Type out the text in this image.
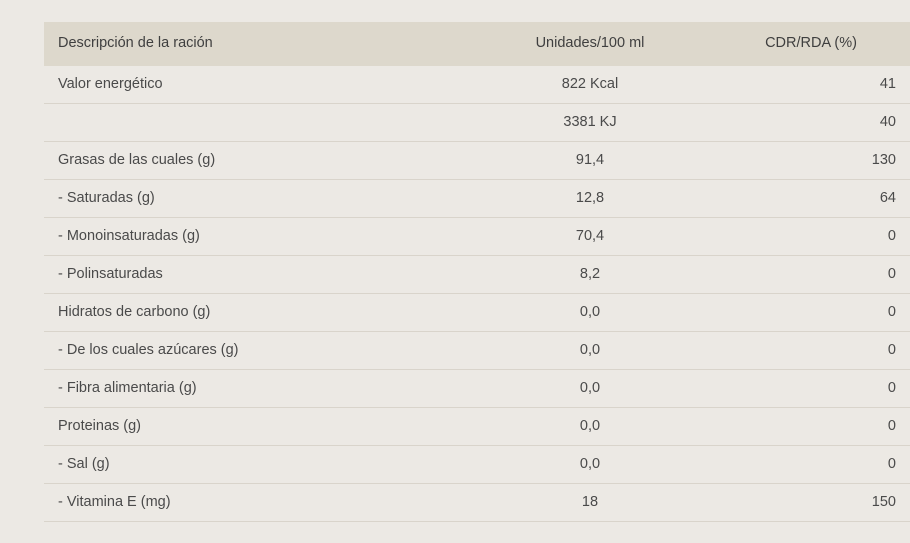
Descripción de la ración	Unidades/100 ml	CDR/RDA (%)
Valor energético	822 Kcal	41
	3381 KJ	40
Grasas de las cuales (g)	91,4	130
- Saturadas (g)	12,8	64
- Monoinsaturadas (g)	70,4	0
- Polinsaturadas	8,2	0
Hidratos de carbono (g)	0,0	0
- De los cuales azúcares (g)	0,0	0
- Fibra alimentaria (g)	0,0	0
Proteinas (g)	0,0	0
- Sal (g)	0,0	0
- Vitamina E (mg)	18	150
